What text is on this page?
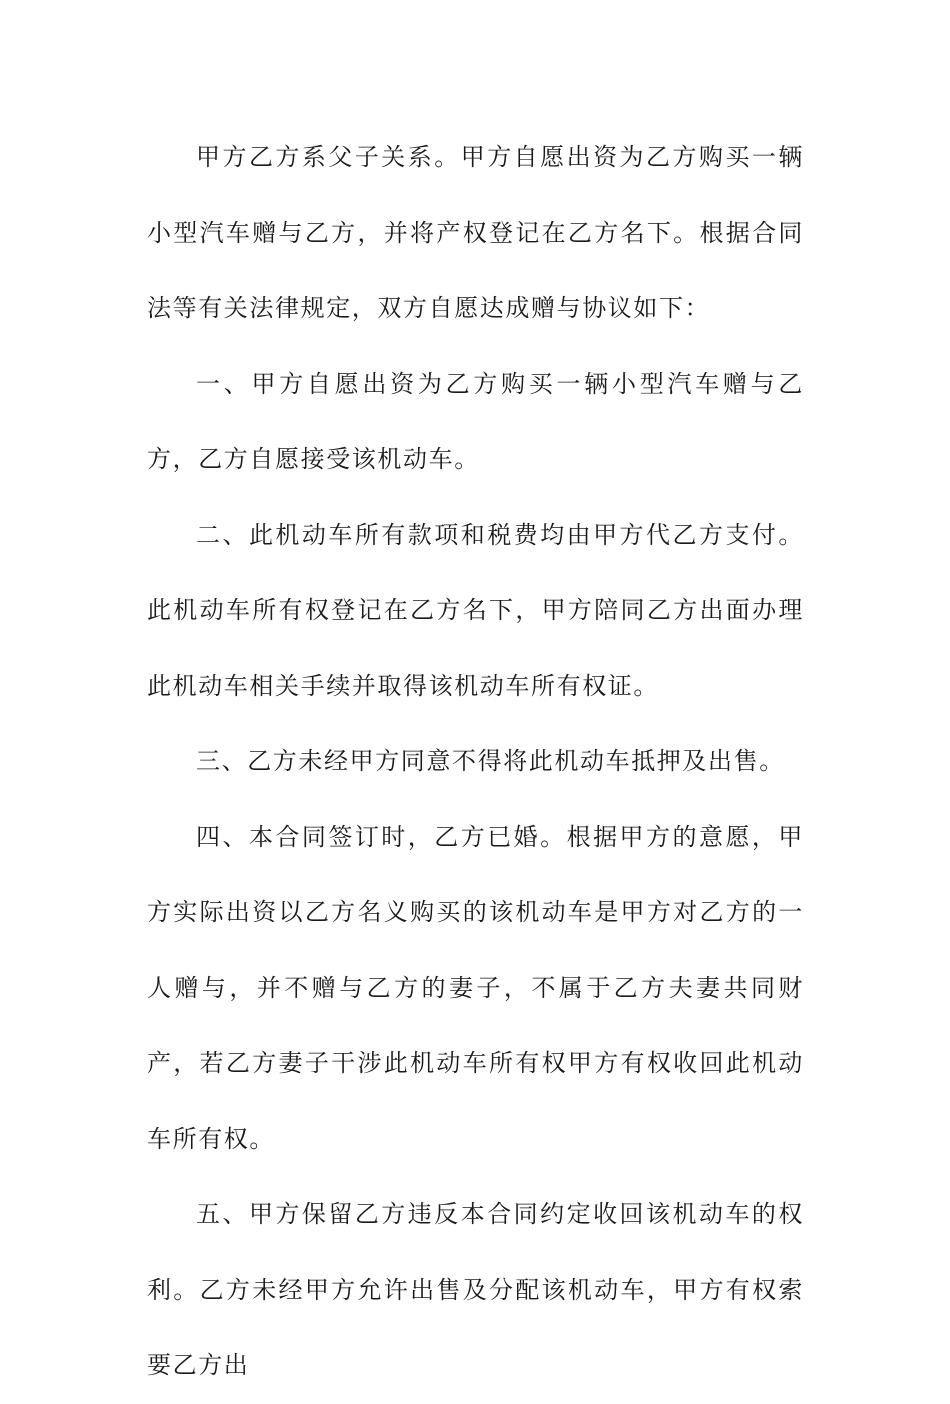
甲方乙方系父子关系。甲方自愿出资为乙方购买一辆小型汽车赠与乙方，并将产权登记在乙方名下。根据合同法等有关法律规定，双方自愿达成赠与协议如下：

一、甲方自愿出资为乙方购买一辆小型汽车赠与乙方，乙方自愿接受该机动车。

二、此机动车所有款项和税费均由甲方代乙方支付。此机动车所有权登记在乙方名下，甲方陪同乙方出面办理此机动车相关手续并取得该机动车所有权证。

三、乙方未经甲方同意不得将此机动车抵押及出售。

四、本合同签订时，乙方已婚。根据甲方的意愿，甲方实际出资以乙方名义购买的该机动车是甲方对乙方的一人赠与，并不赠与乙方的妻子，不属于乙方夫妻共同财产，若乙方妻子干涉此机动车所有权甲方有权收回此机动车所有权。

五、甲方保留乙方违反本合同约定收回该机动车的权利。乙方未经甲方允许出售及分配该机动车，甲方有权索要乙方出
